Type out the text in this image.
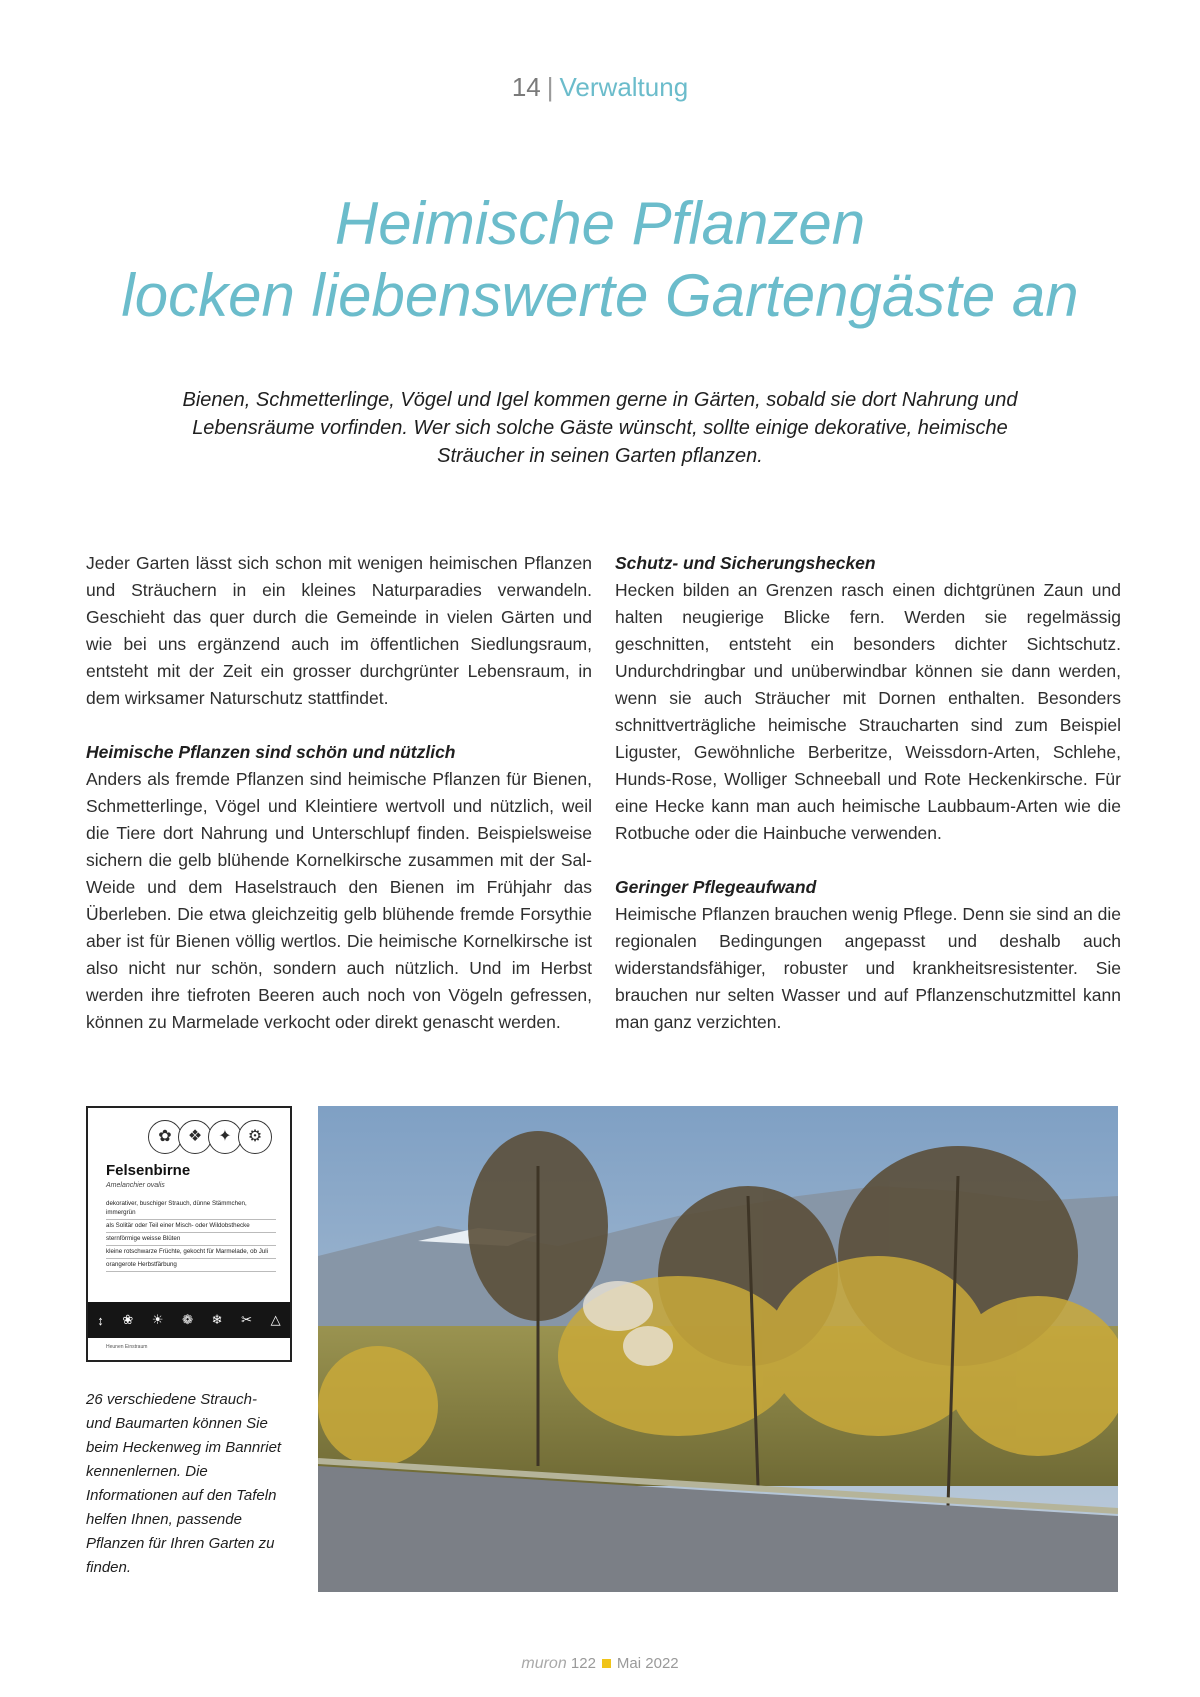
14 | Verwaltung
Heimische Pflanzen
locken liebenswerte Gartengäste an
Bienen, Schmetterlinge, Vögel und Igel kommen gerne in Gärten, sobald sie dort Nahrung und Lebensräume vorfinden. Wer sich solche Gäste wünscht, sollte einige dekorative, heimische Sträucher in seinen Garten pflanzen.

Jeder Garten lässt sich schon mit wenigen heimischen Pflanzen und Sträuchern in ein kleines Naturparadies verwandeln. Geschieht das quer durch die Gemeinde in vielen Gärten und wie bei uns ergänzend auch im öffentlichen Siedlungsraum, entsteht mit der Zeit ein grosser durchgrünter Lebensraum, in dem wirksamer Naturschutz stattfindet.

Heimische Pflanzen sind schön und nützlich

Anders als fremde Pflanzen sind heimische Pflanzen für Bienen, Schmetterlinge, Vögel und Kleintiere wertvoll und nützlich, weil die Tiere dort Nahrung und Unterschlupf finden. Beispielsweise sichern die gelb blühende Kornelkirsche zusammen mit der Sal-Weide und dem Haselstrauch den Bienen im Frühjahr das Überleben. Die etwa gleichzeitig gelb blühende fremde Forsythie aber ist für Bienen völlig wertlos. Die heimische Kornelkirsche ist also nicht nur schön, sondern auch nützlich. Und im Herbst werden ihre tiefroten Beeren auch noch von Vögeln gefressen, können zu Marmelade verkocht oder direkt genascht werden.

Schutz- und Sicherungshecken

Hecken bilden an Grenzen rasch einen dichtgrünen Zaun und halten neugierige Blicke fern. Werden sie regelmässig geschnitten, entsteht ein besonders dichter Sichtschutz. Undurchdringbar und unüberwindbar können sie dann werden, wenn sie auch Sträucher mit Dornen enthalten. Besonders schnittverträgliche heimische Straucharten sind zum Beispiel Liguster, Gewöhnliche Berberitze, Weissdorn-Arten, Schlehe, Hunds-Rose, Wolliger Schneeball und Rote Heckenkirsche. Für eine Hecke kann man auch heimische Laubbaum-Arten wie die Rotbuche oder die Hainbuche verwenden.

Geringer Pflegeaufwand

Heimische Pflanzen brauchen wenig Pflege. Denn sie sind an die regionalen Bedingungen angepasst und deshalb auch widerstandsfähiger, robuster und krankheitsresistenter. Sie brauchen nur selten Wasser und auf Pflanzenschutzmittel kann man ganz verzichten.

✿ ❖ ✦ ⚙
Felsenbirne
Amelanchier ovalis
dekorativer, buschiger Strauch, dünne Stämmchen, immergrün
als Solitär oder Teil einer Misch- oder Wildobsthecke
sternförmige weisse Blüten
kleine rotschwarze Früchte, gekocht für Marmelade, ob Juli
orangerote Herbstfärbung
↕ ❀ ☀ ❁ ❄ ✂ △
Heunen Einstraum
26 verschiedene Strauch- und Baumarten können Sie beim Heckenweg im Bannriet kennenlernen. Die Informationen auf den Tafeln helfen Ihnen, passende Pflanzen für Ihren Garten zu finden.
muron 122 Mai 2022
